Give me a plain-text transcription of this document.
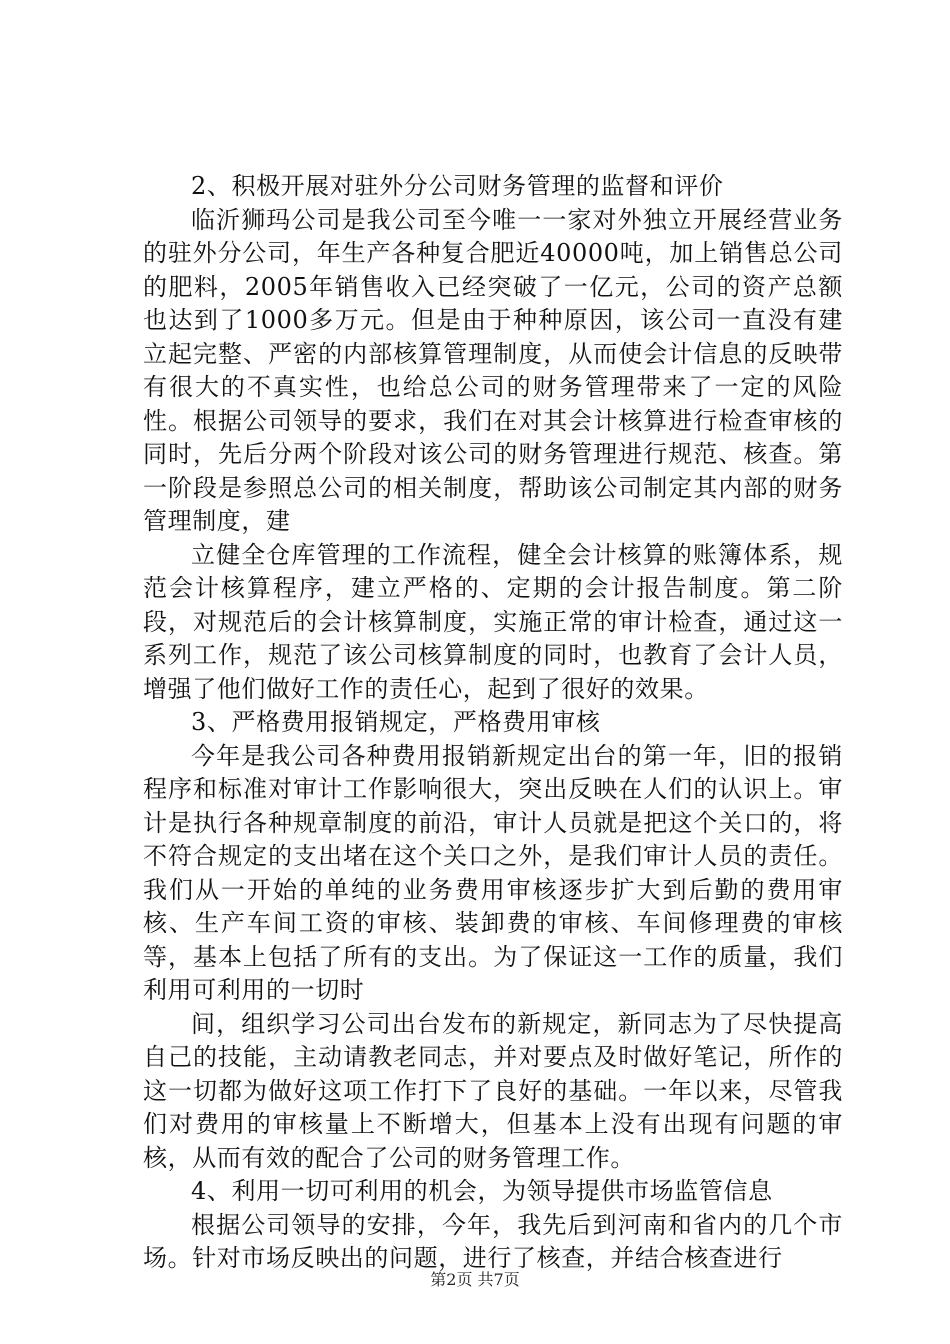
2、积极开展对驻外分公司财务管理的监督和评价

临沂狮玛公司是我公司至今唯一一家对外独立开展经营业务的驻外分公司，年生产各种复合肥近40000吨，加上销售总公司的肥料，2005年销售收入已经突破了一亿元，公司的资产总额也达到了1000多万元。但是由于种种原因，该公司一直没有建立起完整、严密的内部核算管理制度，从而使会计信息的反映带有很大的不真实性，也给总公司的财务管理带来了一定的风险性。根据公司领导的要求，我们在对其会计核算进行检查审核的同时，先后分两个阶段对该公司的财务管理进行规范、核查。第一阶段是参照总公司的相关制度，帮助该公司制定其内部的财务管理制度，建

立健全仓库管理的工作流程，健全会计核算的账簿体系，规范会计核算程序，建立严格的、定期的会计报告制度。第二阶段，对规范后的会计核算制度，实施正常的审计检查，通过这一系列工作，规范了该公司核算制度的同时，也教育了会计人员，增强了他们做好工作的责任心，起到了很好的效果。

3、严格费用报销规定，严格费用审核

今年是我公司各种费用报销新规定出台的第一年，旧的报销程序和标准对审计工作影响很大，突出反映在人们的认识上。审计是执行各种规章制度的前沿，审计人员就是把这个关口的，将不符合规定的支出堵在这个关口之外，是我们审计人员的责任。我们从一开始的单纯的业务费用审核逐步扩大到后勤的费用审核、生产车间工资的审核、装卸费的审核、车间修理费的审核等，基本上包括了所有的支出。为了保证这一工作的质量，我们利用可利用的一切时

间，组织学习公司出台发布的新规定，新同志为了尽快提高自己的技能，主动请教老同志，并对要点及时做好笔记，所作的这一切都为做好这项工作打下了良好的基础。一年以来，尽管我们对费用的审核量上不断增大，但基本上没有出现有问题的审核，从而有效的配合了公司的财务管理工作。

4、利用一切可利用的机会，为领导提供市场监管信息

根据公司领导的安排，今年，我先后到河南和省内的几个市场。针对市场反映出的问题，进行了核查，并结合核查进行

第2页 共7页
